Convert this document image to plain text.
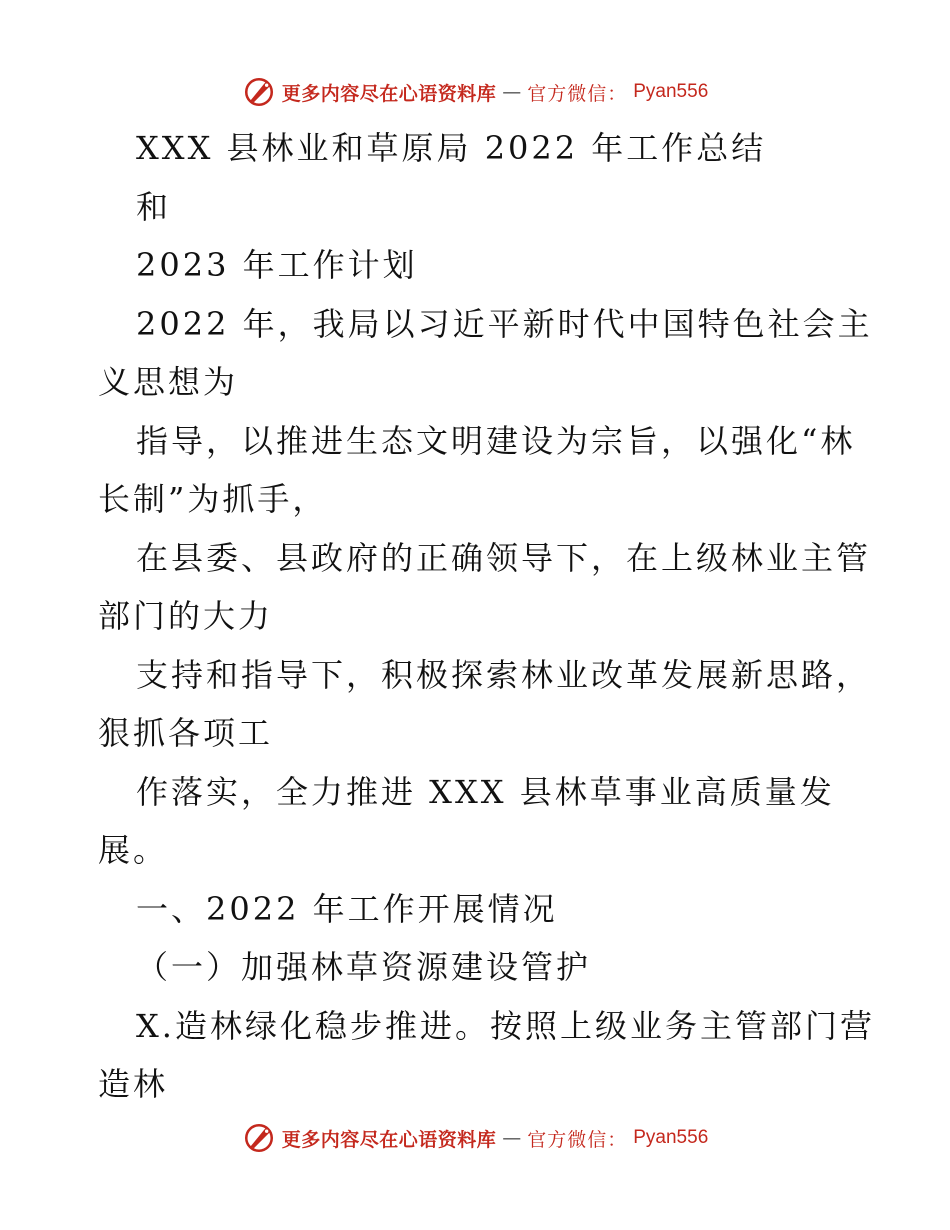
更多内容尽在心语资料库 — 官方微信： Pyan556

XXX 县林业和草原局 2022 年工作总结

和

2023 年工作计划

2022 年，我局以习近平新时代中国特色社会主

义思想为

指导，以推进生态文明建设为宗旨，以强化“林

长制”为抓手，

在县委、县政府的正确领导下，在上级林业主管

部门的大力

支持和指导下，积极探索林业改革发展新思路，

狠抓各项工

作落实，全力推进 XXX 县林草事业高质量发

展。

一、2022 年工作开展情况

（一）加强林草资源建设管护

X.造林绿化稳步推进。按照上级业务主管部门营

造林

更多内容尽在心语资料库 — 官方微信： Pyan556
